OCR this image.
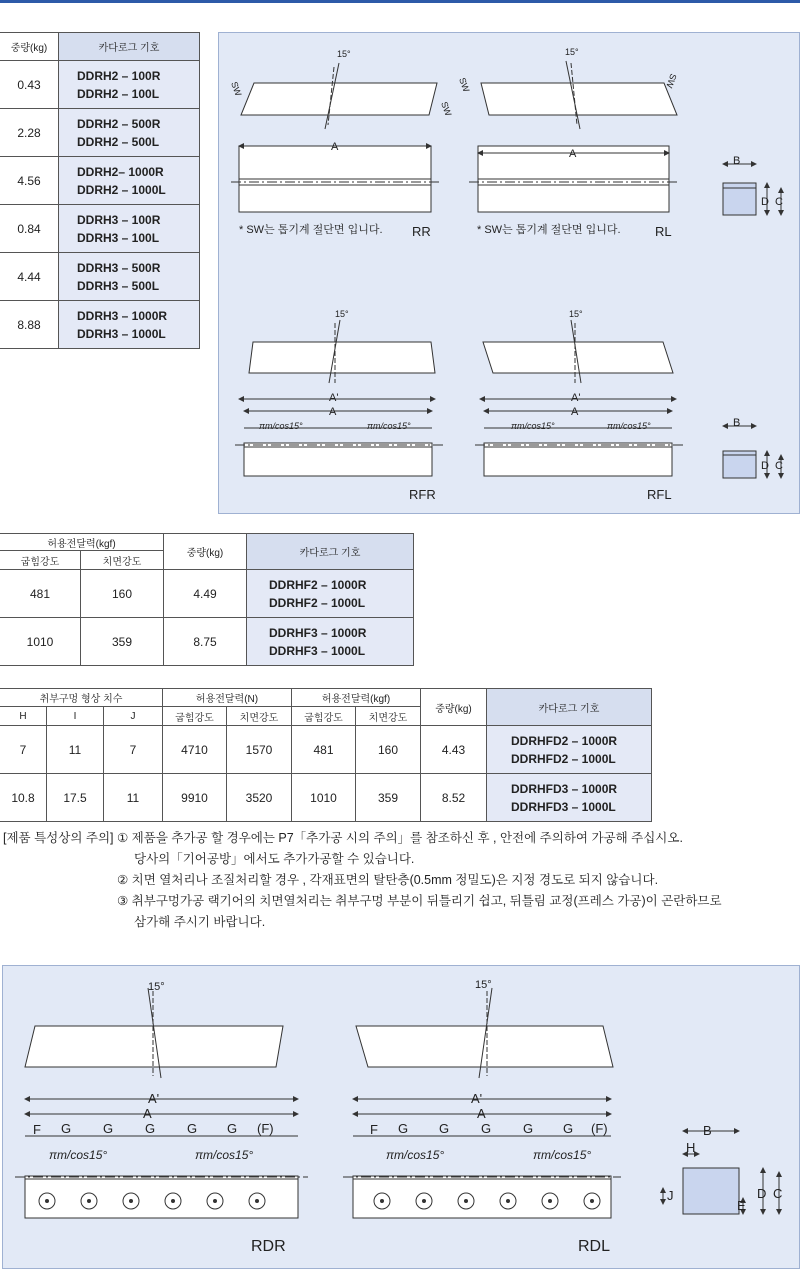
중량(kg)	카다로그 기호
0.43	DDRH2 – 100R
DDRH2 – 100L

2.28	DDRH2 – 500R
DDRH2 – 500L

4.56	DDRH2– 1000R
DDRH2 – 1000L

0.84	DDRH3 – 100R
DDRH3 – 100L

4.44	DDRH3 – 500R
DDRH3 – 500L

8.88	DDRH3 – 1000R
DDRH3 – 1000L
15°	15°
15°	15°
SW
SW
SW	SW
A
A
A'
A
A'
A
πm/cos15°	πm/cos15°	πm/cos15°	πm/cos15°
B
D C
B
D C
* SW는 톱기계 절단면 입니다.	* SW는 톱기계 절단면 입니다.
RR	RL
RFR	RFL
허용전달력(kgf)		중량(kg)	카다로그 기호
굽힘강도	치면강도		
481	160	4.49	DDRHF2 – 1000R
DDRHF2 – 1000L

1010	359	8.75	DDRHF3 – 1000R
DDRHF3 – 1000L
취부구멍 형상 치수			허용전달력(N)		허용전달력(kgf)		중량(kg)	카다로그 기호
H	I	J	굽힘강도	치면강도	굽힘강도	치면강도		
7	11	7	4710	1570	481	160	4.43	DDRHFD2 – 1000R
DDRHFD2 – 1000L

10.8	17.5	11	9910	3520	1010	359	8.52	DDRHFD3 – 1000R
DDRHFD3 – 1000L
[제품 특성상의 주의] ① 제품을 추가공 할 경우에는 P7「추가공 시의 주의」를 참조하신 후 , 안전에 주의하여 가공해 주십시오.
당사의「기어공방」에서도 추가가공할 수 있습니다.
② 치면 열처리나 조질처리할 경우 , 각재표면의 탈탄층(0.5mm 정밀도)은 지정 경도로 되지 않습니다.
③ 취부구멍가공 랙기어의 치면열처리는 취부구멍 부분이 뒤틀리기 쉽고, 뒤틀림 교정(프레스 가공)이 곤란하므로
삼가해 주시기 바랍니다.
15°	15°
A'
A
A'
A
F G G G G G (F)	F G G G G G (F)
πm/cos15°	πm/cos15°	πm/cos15°	πm/cos15°
B
H
D C
E
J
RDR	RDL
